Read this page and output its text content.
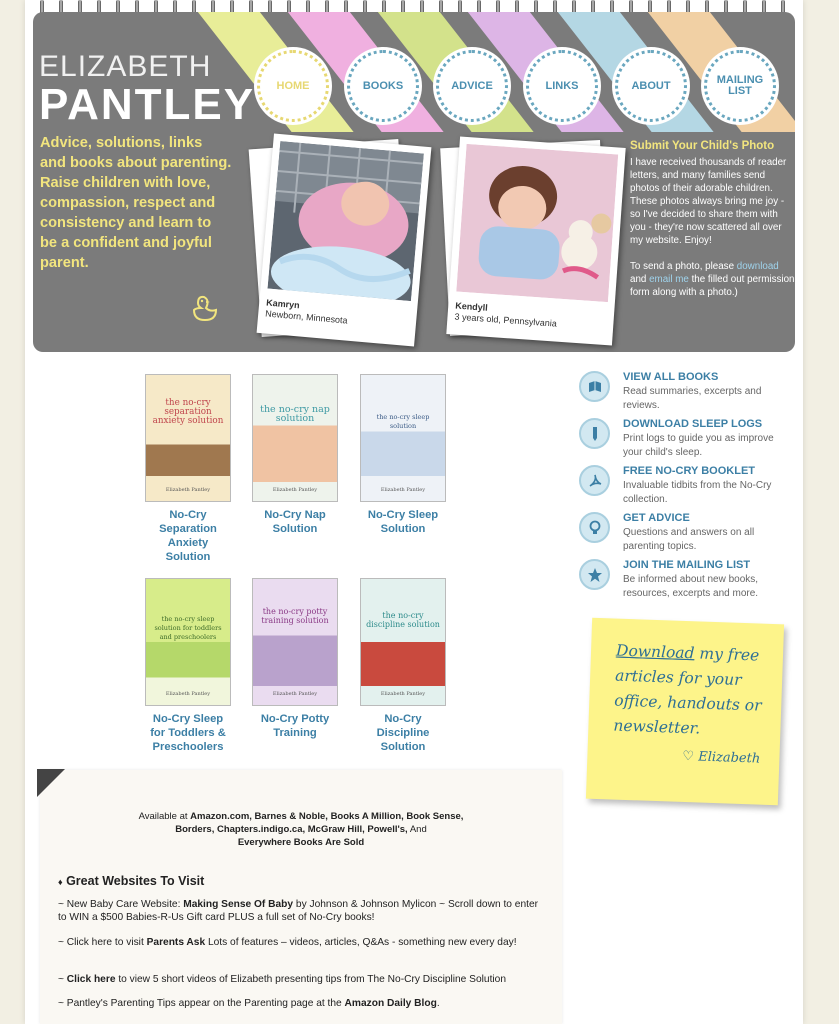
ELIZABETH
PANTLEY
Advice, solutions, links and books about parenting. Raise children with love, compassion, respect and consistency and learn to be a confident and joyful parent.
HOME	BOOKS	ADVICE	LINKS	ABOUT	MAILING
LIST
Kamryn
Newborn, Minnesota
Kendyll
3 years old, Pennsylvania
Submit Your Child's Photo

I have received thousands of reader letters, and many families send photos of their adorable children. These photos always bring me joy - so I've decided to share them with you - they're now scattered all over my website. Enjoy!

To send a photo, please download and email me the filled out permission form along with a photo.)

the no-cry separation anxiety solution
Elizabeth Pantley
No-Cry Separation Anxiety Solution
the no-cry nap solution
Elizabeth Pantley
No-Cry Nap Solution
the no-cry sleep solution
Elizabeth Pantley
No-Cry Sleep Solution
the no-cry sleep solution for toddlers and preschoolers
Elizabeth Pantley
No-Cry Sleep for Toddlers & Preschoolers
the no-cry potty training solution
Elizabeth Pantley
No-Cry Potty Training
the no-cry discipline solution
Elizabeth Pantley
No-Cry Discipline Solution
VIEW ALL BOOKS
Read summaries, excerpts and reviews.
DOWNLOAD SLEEP LOGS
Print logs to guide you as improve your child's sleep.
FREE NO-CRY BOOKLET
Invaluable tidbits from the No-Cry collection.
GET ADVICE
Questions and answers on all parenting topics.
JOIN THE MAILING LIST
Be informed about new books, resources, excerpts and more.
Download my free articles for your office, handouts or newsletter.
♡ Elizabeth
Available at Amazon.com, Barnes & Noble, Books A Million, Book Sense,
Borders, Chapters.indigo.ca, McGraw Hill, Powell's, And
Everywhere Books Are Sold
♦ Great Websites To Visit
~ New Baby Care Website: Making Sense Of Baby by Johnson & Johnson Mylicon ~ Scroll down to enter to WIN a $500 Babies-R-Us Gift card PLUS a full set of No-Cry books!
~ Click here to visit Parents Ask Lots of features – videos, articles, Q&As - something new every day!
~ Click here to view 5 short videos of Elizabeth presenting tips from The No-Cry Discipline Solution
~ Pantley's Parenting Tips appear on the Parenting page at the Amazon Daily Blog.
